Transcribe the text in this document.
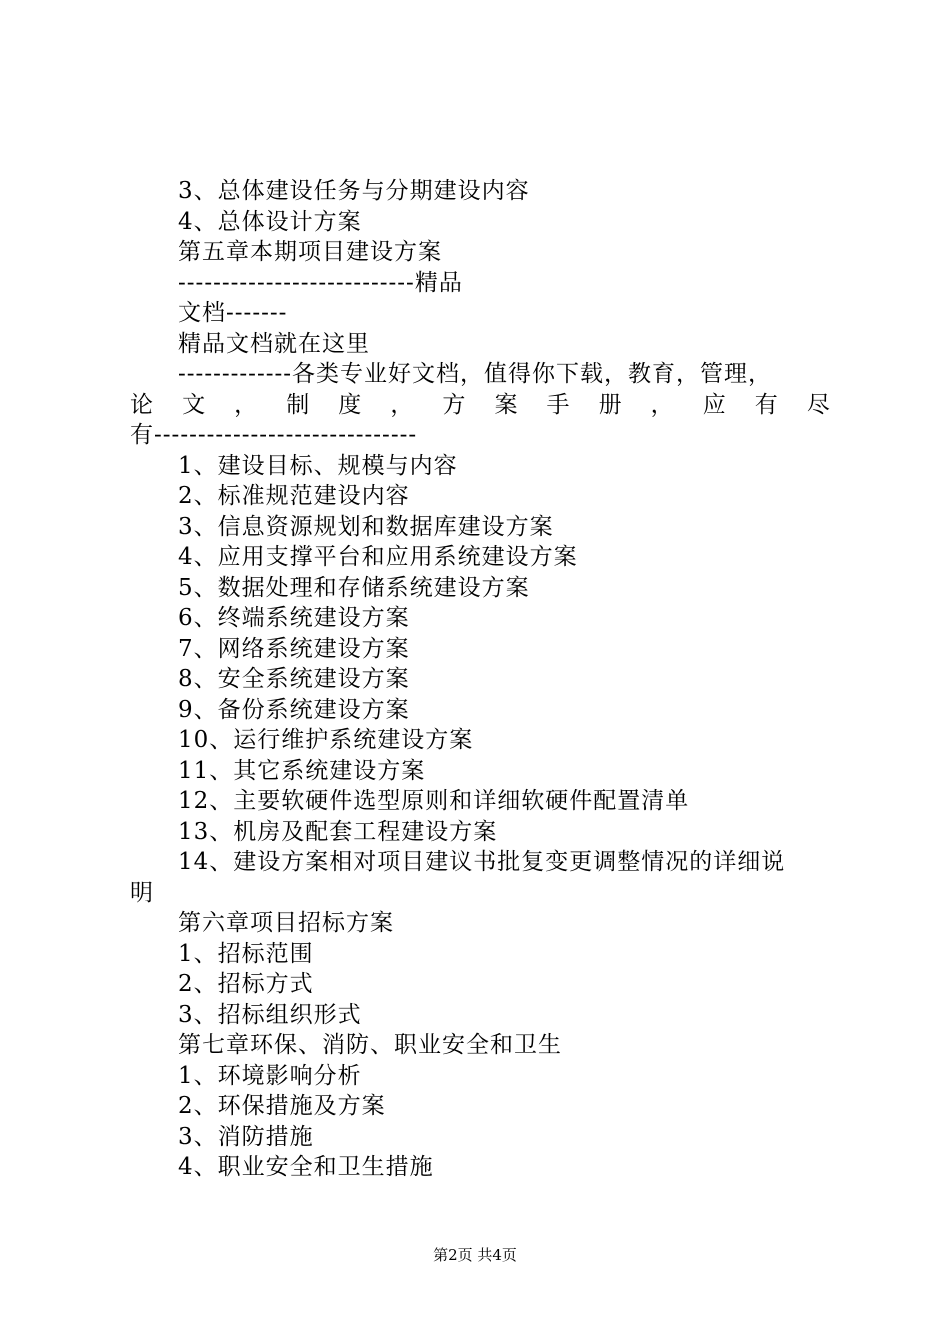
3、总体建设任务与分期建设内容
4、总体设计方案
第五章本期项目建设方案
---------------------------精品
文档-------
精品文档就在这里
-------------各类专业好文档，值得你下载，教育，管理，
论 文 ， 制 度 ， 方 案 手 册 ， 应 有 尽
有------------------------------
1、建设目标、规模与内容
2、标准规范建设内容
3、信息资源规划和数据库建设方案
4、应用支撑平台和应用系统建设方案
5、数据处理和存储系统建设方案
6、终端系统建设方案
7、网络系统建设方案
8、安全系统建设方案
9、备份系统建设方案
10、运行维护系统建设方案
11、其它系统建设方案
12、主要软硬件选型原则和详细软硬件配置清单
13、机房及配套工程建设方案
14、建设方案相对项目建议书批复变更调整情况的详细说
明
第六章项目招标方案
1、招标范围
2、招标方式
3、招标组织形式
第七章环保、消防、职业安全和卫生
1、环境影响分析
2、环保措施及方案
3、消防措施
4、职业安全和卫生措施
第2页 共4页
